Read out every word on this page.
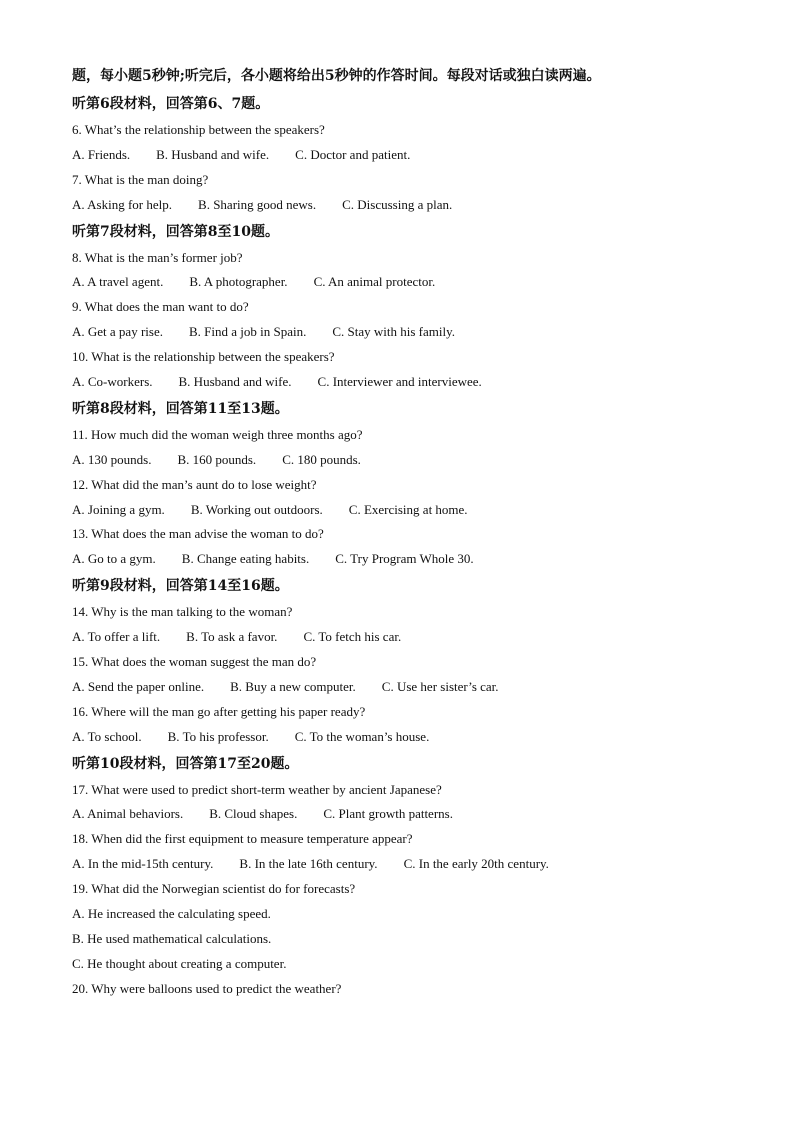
题，每小题5秒钟;听完后，各小题将给出5秒钟的作答时间。每段对话或独白读两遍。
听第6段材料，回答第6、7题。
6. What’s the relationship between the speakers?
A. Friends. B. Husband and wife. C. Doctor and patient.
7. What is the man doing?
A. Asking for help. B. Sharing good news. C. Discussing a plan.
听第7段材料，回答第8至10题。
8. What is the man’s former job?
A. A travel agent. B. A photographer. C. An animal protector.
9. What does the man want to do?
A. Get a pay rise. B. Find a job in Spain. C. Stay with his family.
10. What is the relationship between the speakers?
A. Co-workers. B. Husband and wife. C. Interviewer and interviewee.
听第8段材料，回答第11至13题。
11. How much did the woman weigh three months ago?
A. 130 pounds. B. 160 pounds. C. 180 pounds.
12. What did the man’s aunt do to lose weight?
A. Joining a gym. B. Working out outdoors. C. Exercising at home.
13. What does the man advise the woman to do?
A. Go to a gym. B. Change eating habits. C. Try Program Whole 30.
听第9段材料，回答第14至16题。
14. Why is the man talking to the woman?
A. To offer a lift. B. To ask a favor. C. To fetch his car.
15. What does the woman suggest the man do?
A. Send the paper online. B. Buy a new computer. C. Use her sister’s car.
16. Where will the man go after getting his paper ready?
A. To school. B. To his professor. C. To the woman’s house.
听第10段材料，回答第17至20题。
17. What were used to predict short-term weather by ancient Japanese?
A. Animal behaviors. B. Cloud shapes. C. Plant growth patterns.
18. When did the first equipment to measure temperature appear?
A. In the mid-15th century. B. In the late 16th century. C. In the early 20th century.
19. What did the Norwegian scientist do for forecasts?
A. He increased the calculating speed.
B. He used mathematical calculations.
C. He thought about creating a computer.
20. Why were balloons used to predict the weather?
